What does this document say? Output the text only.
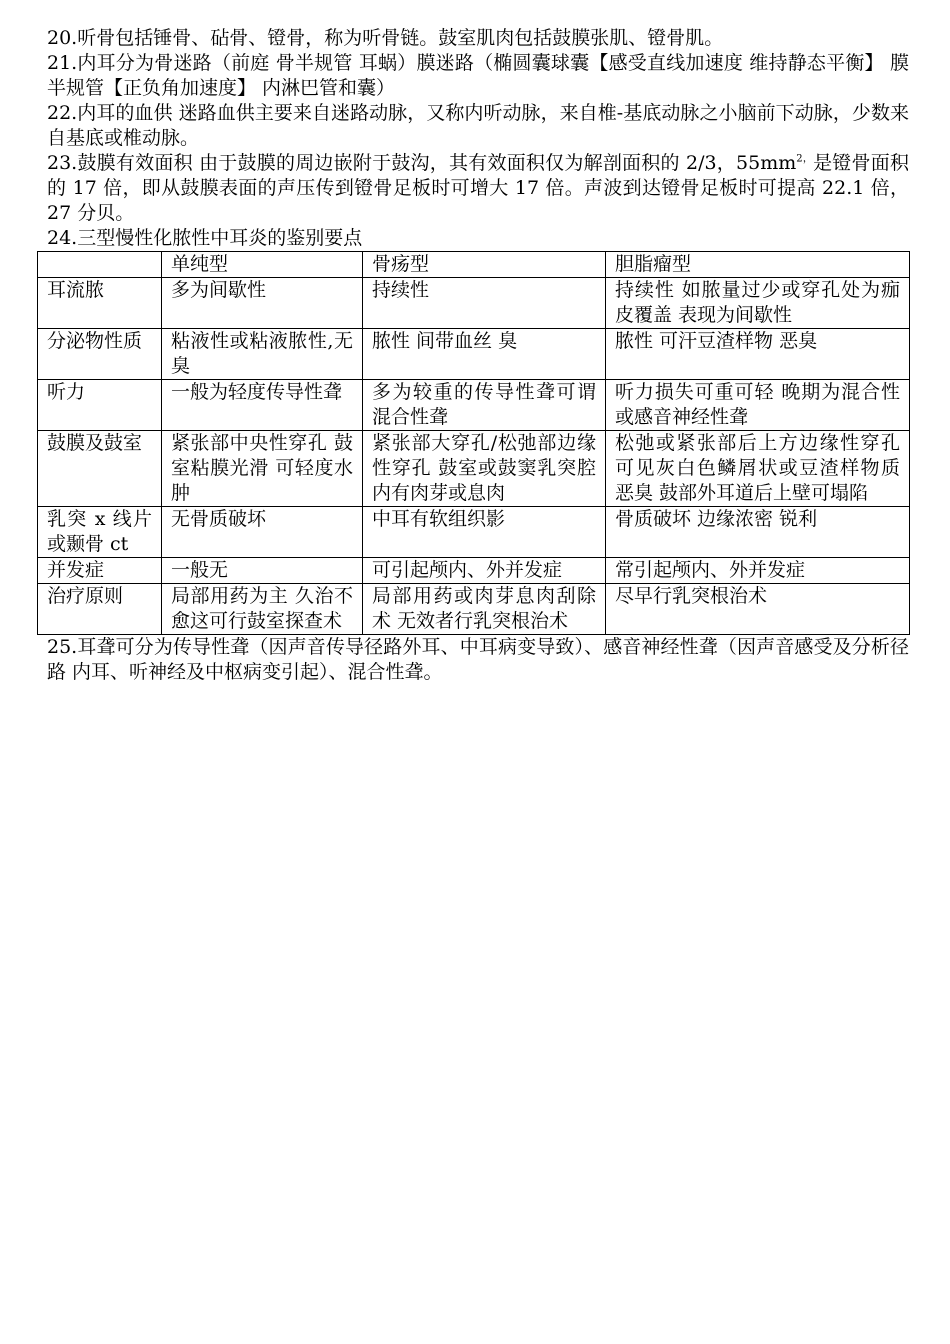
20.听骨包括锤骨、砧骨、镫骨，称为听骨链。鼓室肌肉包括鼓膜张肌、镫骨肌。

21.内耳分为骨迷路（前庭 骨半规管 耳蜗）膜迷路（椭圆囊球囊【感受直线加速度 维持静态平衡】 膜半规管【正负角加速度】 内淋巴管和囊）

22.内耳的血供 迷路血供主要来自迷路动脉，又称内听动脉，来自椎-基底动脉之小脑前下动脉，少数来自基底或椎动脉。

23.鼓膜有效面积 由于鼓膜的周边嵌附于鼓沟，其有效面积仅为解剖面积的 2/3，$55mm^{2,}$是镫骨面积的 17 倍，即从鼓膜表面的声压传到镫骨足板时可增大 17 倍。声波到达镫骨足板时可提高 22.1 倍，27 分贝。

24.三型慢性化脓性中耳炎的鉴别要点

	单纯型	骨疡型	胆脂瘤型
耳流脓	多为间歇性	持续性	持续性 如脓量过少或穿孔处为痂皮覆盖 表现为间歇性
分泌物性质	粘液性或粘液脓性,无臭	脓性 间带血丝 臭	脓性 可汗豆渣样物 恶臭
听力	一般为轻度传导性聋	多为较重的传导性聋可谓混合性聋	听力损失可重可轻 晚期为混合性或感音神经性聋
鼓膜及鼓室	紧张部中央性穿孔 鼓室粘膜光滑 可轻度水肿	紧张部大穿孔/松弛部边缘性穿孔 鼓室或鼓窦乳突腔内有肉芽或息肉	松弛或紧张部后上方边缘性穿孔 可见灰白色鳞屑状或豆渣样物质 恶臭 鼓部外耳道后上壁可塌陷
乳突 x 线片或颞骨 ct	无骨质破坏	中耳有软组织影	骨质破坏 边缘浓密 锐利
并发症	一般无	可引起颅内、外并发症	常引起颅内、外并发症
治疗原则	局部用药为主 久治不愈这可行鼓室探查术	局部用药或肉芽息肉刮除术 无效者行乳突根治术	尽早行乳突根治术

25.耳聋可分为传导性聋（因声音传导径路外耳、中耳病变导致）、感音神经性聋（因声音感受及分析径路 内耳、听神经及中枢病变引起）、混合性聋。
